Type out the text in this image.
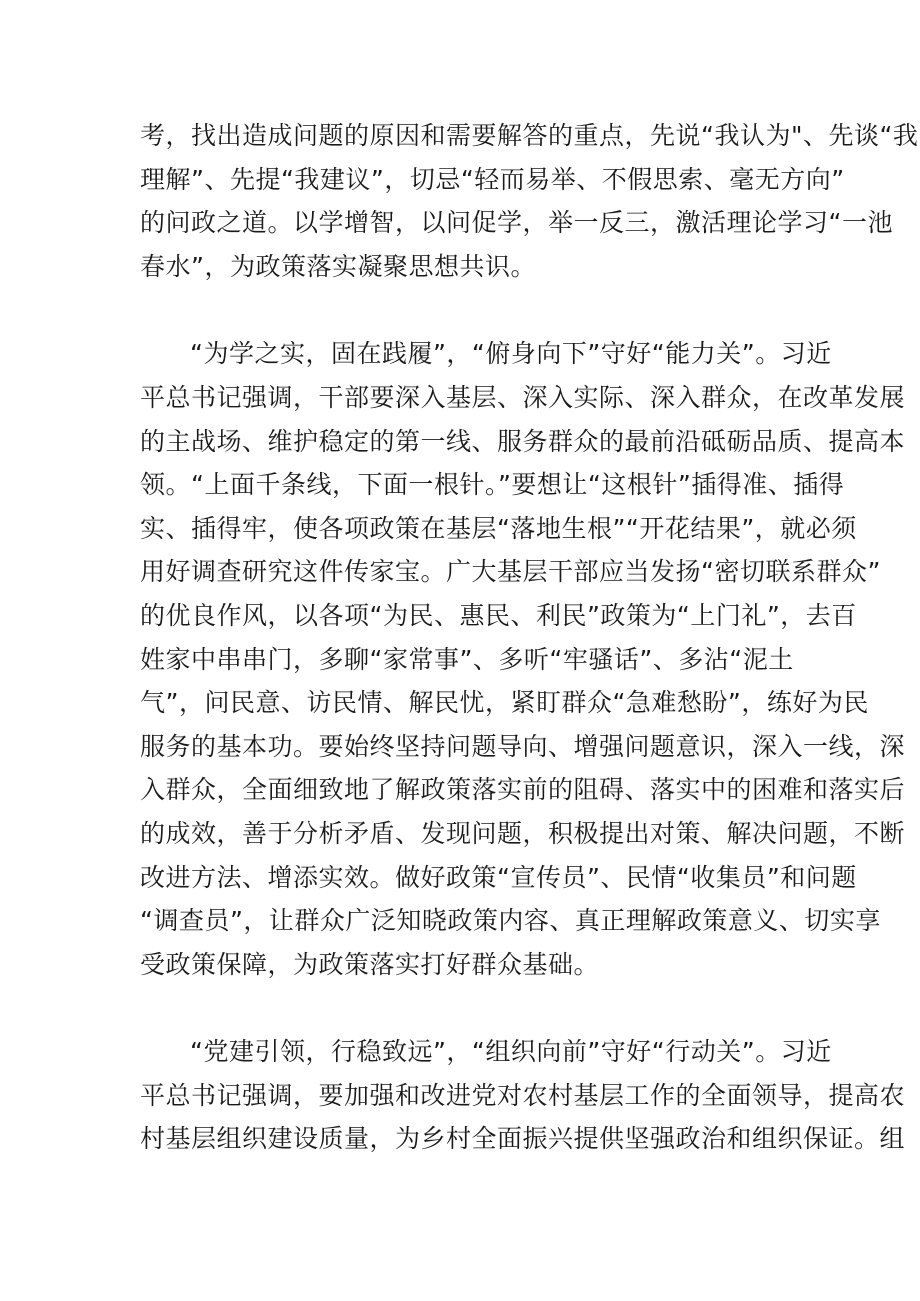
考，找出造成问题的原因和需要解答的重点，先说“我认为"、先谈“我
理解”、先提“我建议”，切忌“轻而易举、不假思索、毫无方向”
的问政之道。以学增智，以问促学，举一反三，激活理论学习“一池
春水”，为政策落实凝聚思想共识。
“为学之实，固在践履”，“俯身向下”守好“能力关”。习近
平总书记强调，干部要深入基层、深入实际、深入群众，在改革发展
的主战场、维护稳定的第一线、服务群众的最前沿砥砺品质、提高本
领。“上面千条线，下面一根针。”要想让“这根针”插得准、插得
实、插得牢，使各项政策在基层“落地生根”“开花结果”，就必须
用好调查研究这件传家宝。广大基层干部应当发扬“密切联系群众”
的优良作风，以各项“为民、惠民、利民”政策为“上门礼”，去百
姓家中串串门，多聊“家常事”、多听“牢骚话”、多沾“泥土
气”，问民意、访民情、解民忧，紧盯群众“急难愁盼”，练好为民
服务的基本功。要始终坚持问题导向、增强问题意识，深入一线，深
入群众，全面细致地了解政策落实前的阻碍、落实中的困难和落实后
的成效，善于分析矛盾、发现问题，积极提出对策、解决问题，不断
改进方法、增添实效。做好政策“宣传员”、民情“收集员”和问题
“调查员”，让群众广泛知晓政策内容、真正理解政策意义、切实享
受政策保障，为政策落实打好群众基础。
“党建引领，行稳致远”，“组织向前”守好“行动关”。习近
平总书记强调，要加强和改进党对农村基层工作的全面领导，提高农
村基层组织建设质量，为乡村全面振兴提供坚强政治和组织保证。组
